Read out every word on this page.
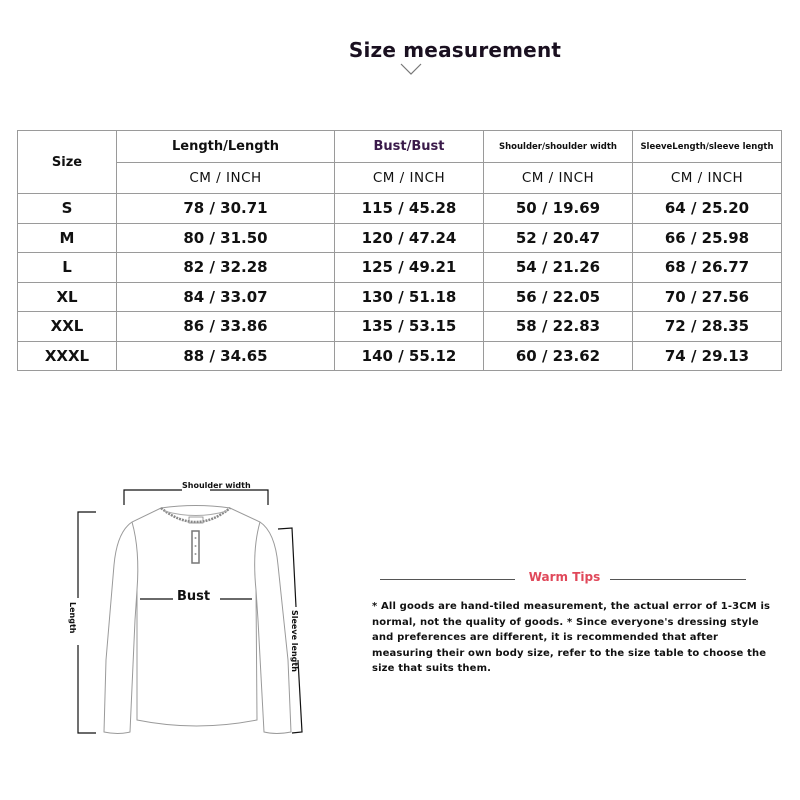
Size measurement
Size	Length/Length	Bust/Bust	Shoulder/shoulder width	SleeveLength/sleeve length
	CM / INCH	CM / INCH	CM / INCH	CM / INCH
S	78 / 30.71	115 / 45.28	50 / 19.69	64 / 25.20
M	80 / 31.50	120 / 47.24	52 / 20.47	66 / 25.98
L	82 / 32.28	125 / 49.21	54 / 21.26	68 / 26.77
XL	84 / 33.07	130 / 51.18	56 / 22.05	70 / 27.56
XXL	86 / 33.86	135 / 53.15	58 / 22.83	72 / 28.35
XXXL	88 / 34.65	140 / 55.12	60 / 23.62	74 / 29.13
Shoulder width
Bust
Length	Sleeve length
Warm Tips
* All goods are hand-tiled measurement, the actual error of 1-3CM is normal, not the quality of goods. * Since everyone's dressing style and preferences are different, it is recommended that after measuring their own body size, refer to the size table to choose the size that suits them.
